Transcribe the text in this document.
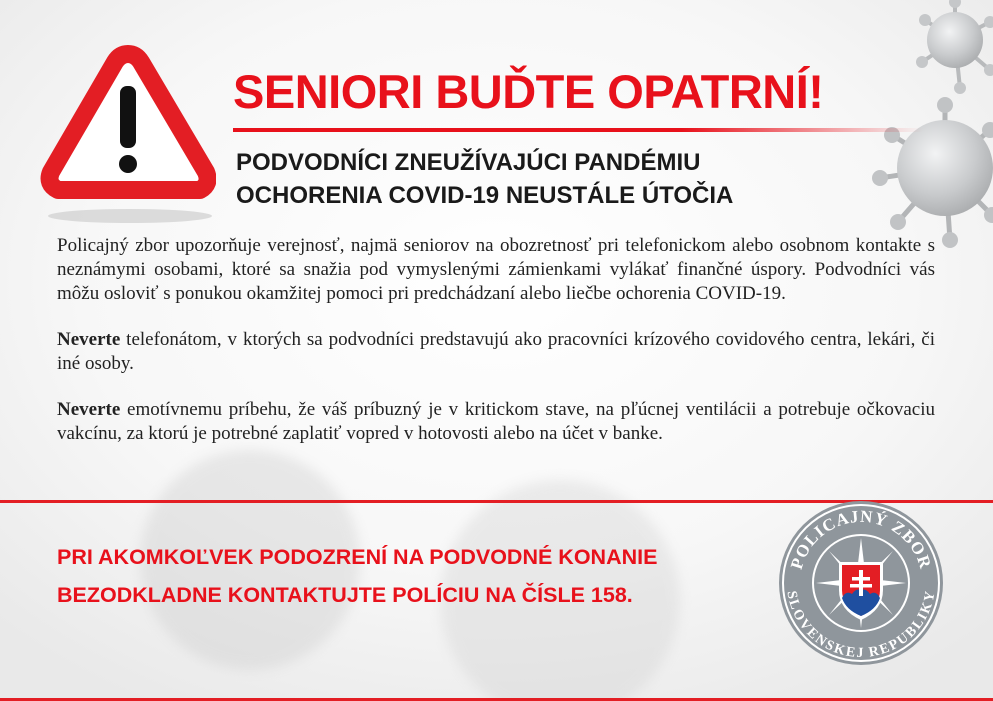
SENIORI BUĎTE OPATRNÍ!
PODVODNÍCI ZNEUŽÍVAJÚCI PANDÉMIU
OCHORENIA COVID-19 NEUSTÁLE ÚTOČIA

Policajný zbor upozorňuje verejnosť, najmä seniorov na obozretnosť pri telefonickom alebo osobnom kontakte s neznámymi osobami, ktoré sa snažia pod vymyslenými zámienkami vylákať finančné úspory. Podvodníci vás môžu osloviť s ponukou okamžitej pomoci pri predchádzaní alebo liečbe ochorenia COVID-19.

Neverte telefonátom, v ktorých sa podvodníci predstavujú ako pracovníci krízového covidového centra, lekári, či iné osoby.

Neverte emotívnemu príbehu, že váš príbuzný je v kritickom stave, na pľúcnej ventilácii a potrebuje očkovaciu vakcínu, za ktorú je potrebné zaplatiť vopred v hotovosti alebo na účet v banke.

PRI AKOMKOĽVEK PODOZRENÍ NA PODVODNÉ KONANIE
BEZODKLADNE KONTAKTUJTE POLÍCIU NA ČÍSLE 158.
POLICAJNÝ ZBOR
SLOVENSKEJ REPUBLIKY
